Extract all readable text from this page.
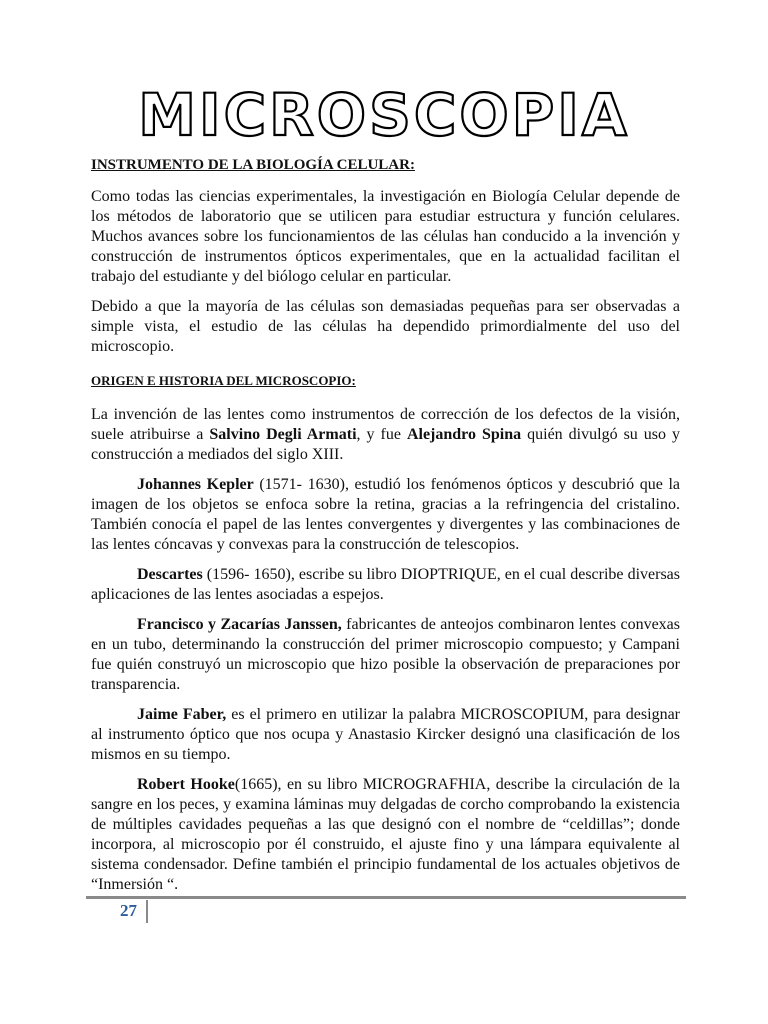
MICROSCOPIA

INSTRUMENTO DE LA BIOLOGÍA CELULAR:

Como todas las ciencias experimentales, la investigación en Biología Celular depende de los métodos de laboratorio que se utilicen para estudiar estructura y función celulares. Muchos avances sobre los funcionamientos de las células han conducido a la invención y construcción de instrumentos ópticos experimentales, que en la actualidad facilitan el trabajo del estudiante y del biólogo celular en particular.

Debido a que la mayoría de las células son demasiadas pequeñas para ser observadas a simple vista, el estudio de las células ha dependido primordialmente del uso del microscopio.

ORIGEN E HISTORIA DEL MICROSCOPIO:

La invención de las lentes como instrumentos de corrección de los defectos de la visión, suele atribuirse a Salvino Degli Armati, y fue Alejandro Spina quién divulgó su uso y construcción a mediados del siglo XIII.

Johannes Kepler (1571- 1630), estudió los fenómenos ópticos y descubrió que la imagen de los objetos se enfoca sobre la retina, gracias a la refringencia del cristalino. También conocía el papel de las lentes convergentes y divergentes y las combinaciones de las lentes cóncavas y convexas para la construcción de telescopios.

Descartes (1596- 1650), escribe su libro DIOPTRIQUE, en el cual describe diversas aplicaciones de las lentes asociadas a espejos.

Francisco y Zacarías Janssen, fabricantes de anteojos combinaron lentes convexas en un tubo, determinando la construcción del primer microscopio compuesto; y Campani fue quién construyó un microscopio que hizo posible la observación de preparaciones por transparencia.

Jaime Faber, es el primero en utilizar la palabra MICROSCOPIUM, para designar al instrumento óptico que nos ocupa y Anastasio Kircker designó una clasificación de los mismos en su tiempo.

Robert Hooke(1665), en su libro MICROGRAFHIA, describe la circulación de la sangre en los peces, y examina láminas muy delgadas de corcho comprobando la existencia de múltiples cavidades pequeñas a las que designó con el nombre de “celdillas”; donde incorpora, al microscopio por él construido, el ajuste fino y una lámpara equivalente al sistema condensador. Define también el principio fundamental de los actuales objetivos de “Inmersión “.

27
